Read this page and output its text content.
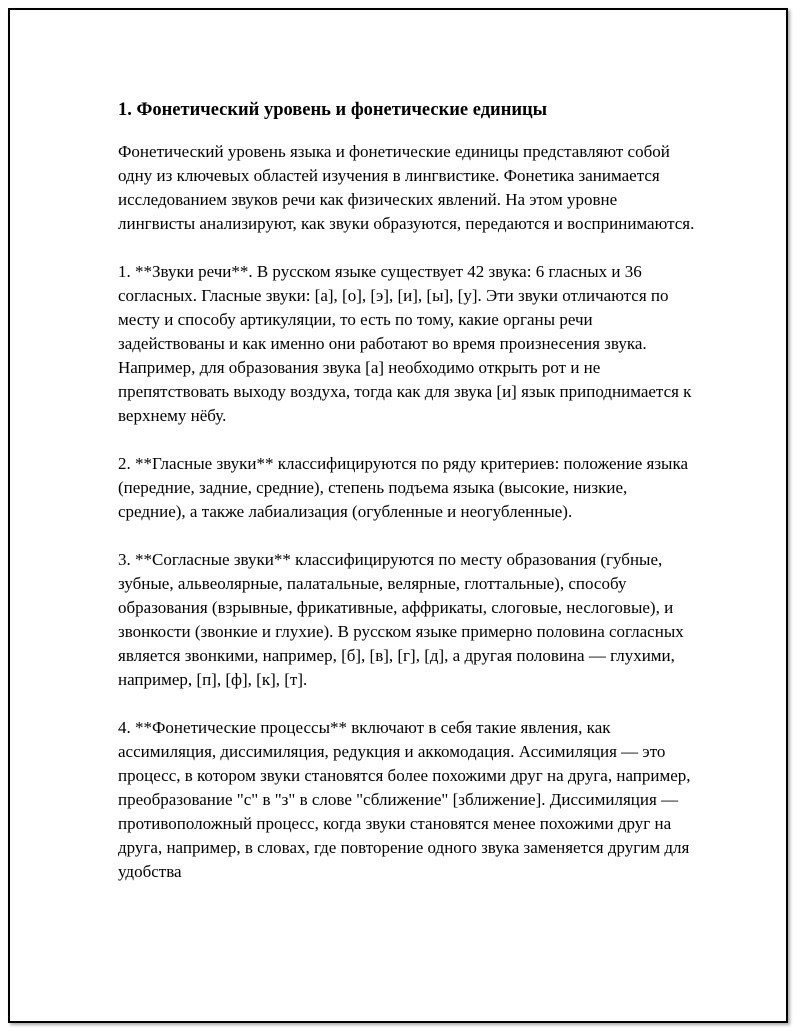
1. Фонетический уровень и фонетические единицы

Фонетический уровень языка и фонетические единицы представляют собой одну из ключевых областей изучения в лингвистике. Фонетика занимается исследованием звуков речи как физических явлений. На этом уровне лингвисты анализируют, как звуки образуются, передаются и воспринимаются.

1. **Звуки речи**. В русском языке существует 42 звука: 6 гласных и 36 согласных. Гласные звуки: [а], [о], [э], [и], [ы], [у]. Эти звуки отличаются по месту и способу артикуляции, то есть по тому, какие органы речи задействованы и как именно они работают во время произнесения звука. Например, для образования звука [а] необходимо открыть рот и не препятствовать выходу воздуха, тогда как для звука [и] язык приподнимается к верхнему нёбу.

2. **Гласные звуки** классифицируются по ряду критериев: положение языка (передние, задние, средние), степень подъема языка (высокие, низкие, средние), а также лабиализация (огубленные и неогубленные).

3. **Согласные звуки** классифицируются по месту образования (губные, зубные, альвеолярные, палатальные, велярные, глоттальные), способу образования (взрывные, фрикативные, аффрикаты, слоговые, неслоговые), и звонкости (звонкие и глухие). В русском языке примерно половина согласных является звонкими, например, [б], [в], [г], [д], а другая половина — глухими, например, [п], [ф], [к], [т].

4. **Фонетические процессы** включают в себя такие явления, как ассимиляция, диссимиляция, редукция и аккомодация. Ассимиляция — это процесс, в котором звуки становятся более похожими друг на друга, например, преобразование "с" в "з" в слове "сближение" [зближение]. Диссимиляция — противоположный процесс, когда звуки становятся менее похожими друг на друга, например, в словах, где повторение одного звука заменяется другим для удобства
